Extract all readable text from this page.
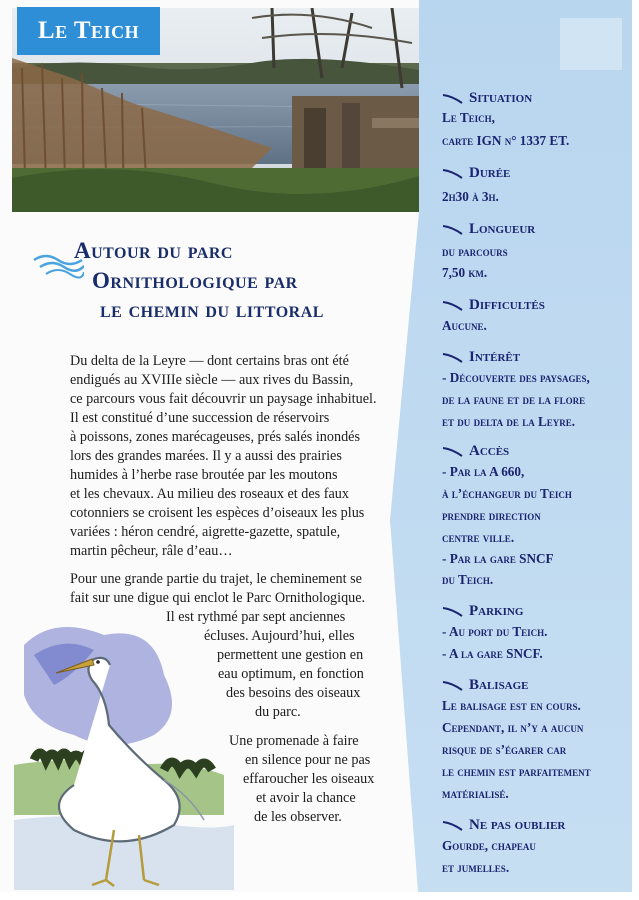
Le Teich
Autour du parc
Ornithologique par
le chemin du littoral
Du delta de la Leyre — dont certains bras ont été
endigués au XVIIIe siècle — aux rives du Bassin,
ce parcours vous fait découvrir un paysage inhabituel.
Il est constitué d’une succession de réservoirs
à poissons, zones marécageuses, prés salés inondés
lors des grandes marées. Il y a aussi des prairies
humides à l’herbe rase broutée par les moutons
et les chevaux. Au milieu des roseaux et des faux
cotonniers se croisent les espèces d’oiseaux les plus
variées : héron cendré, aigrette-gazette, spatule,
martin pêcheur, râle d’eau…
Pour une grande partie du trajet, le cheminement se
fait sur une digue qui enclot le Parc Ornithologique.
Il est rythmé par sept anciennes
écluses. Aujourd’hui, elles
permettent une gestion en
eau optimum, en fonction
des besoins des oiseaux
du parc.
Une promenade à faire
en silence pour ne pas
effaroucher les oiseaux
et avoir la chance
de les observer.
Situation
Le Teich,
carte IGN n° 1337 ET.
Durée
2h30 à 3h.
Longueur
du parcours
7,50 km.
Difficultés
Aucune.
Intérêt
- Découverte des paysages,
de la faune et de la flore
et du delta de la Leyre.
Accès
- Par la A 660,
à l’échangeur du Teich
prendre direction
centre ville.
- Par la gare SNCF
du Teich.
Parking
- Au port du Teich.
- A la gare SNCF.
Balisage
Le balisage est en cours.
Cependant, il n’y a aucun
risque de s’égarer car
le chemin est parfaitement
matérialisé.
Ne pas oublier
Gourde, chapeau
et jumelles.
